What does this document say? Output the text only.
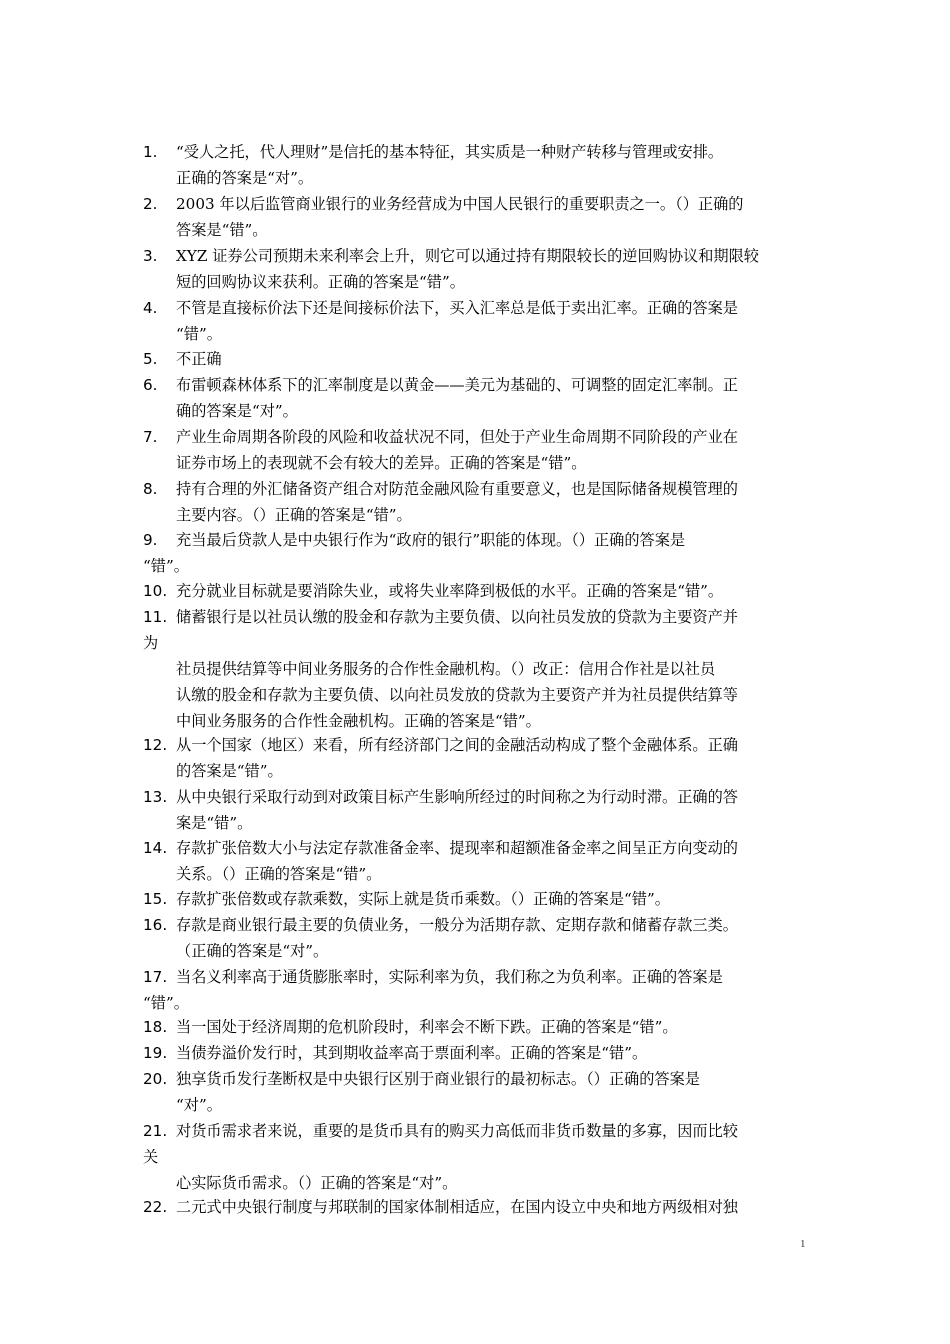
1. “受人之托，代人理财”是信托的基本特征，其实质是一种财产转移与管理或安排。
正确的答案是“对”。
2. 2003 年以后监管商业银行的业务经营成为中国人民银行的重要职责之一。（）正确的
答案是“错”。
3. XYZ 证券公司预期未来利率会上升，则它可以通过持有期限较长的逆回购协议和期限较
短的回购协议来获利。正确的答案是“错”。
4. 不管是直接标价法下还是间接标价法下，买入汇率总是低于卖出汇率。正确的答案是
“错”。
5. 不正确
6. 布雷顿森林体系下的汇率制度是以黄金——美元为基础的、可调整的固定汇率制。正
确的答案是“对”。
7. 产业生命周期各阶段的风险和收益状况不同，但处于产业生命周期不同阶段的产业在
证券市场上的表现就不会有较大的差异。正确的答案是“错”。
8. 持有合理的外汇储备资产组合对防范金融风险有重要意义，也是国际储备规模管理的
主要内容。（）正确的答案是“错”。
9. 充当最后贷款人是中央银行作为“政府的银行”职能的体现。（）正确的答案是
“错”。
10. 充分就业目标就是要消除失业，或将失业率降到极低的水平。正确的答案是“错”。
11. 储蓄银行是以社员认缴的股金和存款为主要负债、以向社员发放的贷款为主要资产并
为
社员提供结算等中间业务服务的合作性金融机构。（）改正：信用合作社是以社员
认缴的股金和存款为主要负债、以向社员发放的贷款为主要资产并为社员提供结算等
中间业务服务的合作性金融机构。正确的答案是“错”。
12. 从一个国家（地区）来看，所有经济部门之间的金融活动构成了整个金融体系。正确
的答案是“错”。
13. 从中央银行采取行动到对政策目标产生影响所经过的时间称之为行动时滞。正确的答
案是“错”。
14. 存款扩张倍数大小与法定存款准备金率、提现率和超额准备金率之间呈正方向变动的
关系。（）正确的答案是“错”。
15. 存款扩张倍数或存款乘数，实际上就是货币乘数。（）正确的答案是“错”。
16. 存款是商业银行最主要的负债业务，一般分为活期存款、定期存款和储蓄存款三类。
（正确的答案是“对”。
17. 当名义利率高于通货膨胀率时，实际利率为负，我们称之为负利率。正确的答案是
“错”。
18. 当一国处于经济周期的危机阶段时，利率会不断下跌。正确的答案是“错”。
19. 当债券溢价发行时，其到期收益率高于票面利率。正确的答案是“错”。
20. 独享货币发行垄断权是中央银行区别于商业银行的最初标志。（）正确的答案是
“对”。
21. 对货币需求者来说，重要的是货币具有的购买力高低而非货币数量的多寡，因而比较
关
心实际货币需求。（）正确的答案是“对”。
22. 二元式中央银行制度与邦联制的国家体制相适应，在国内设立中央和地方两级相对独
1
